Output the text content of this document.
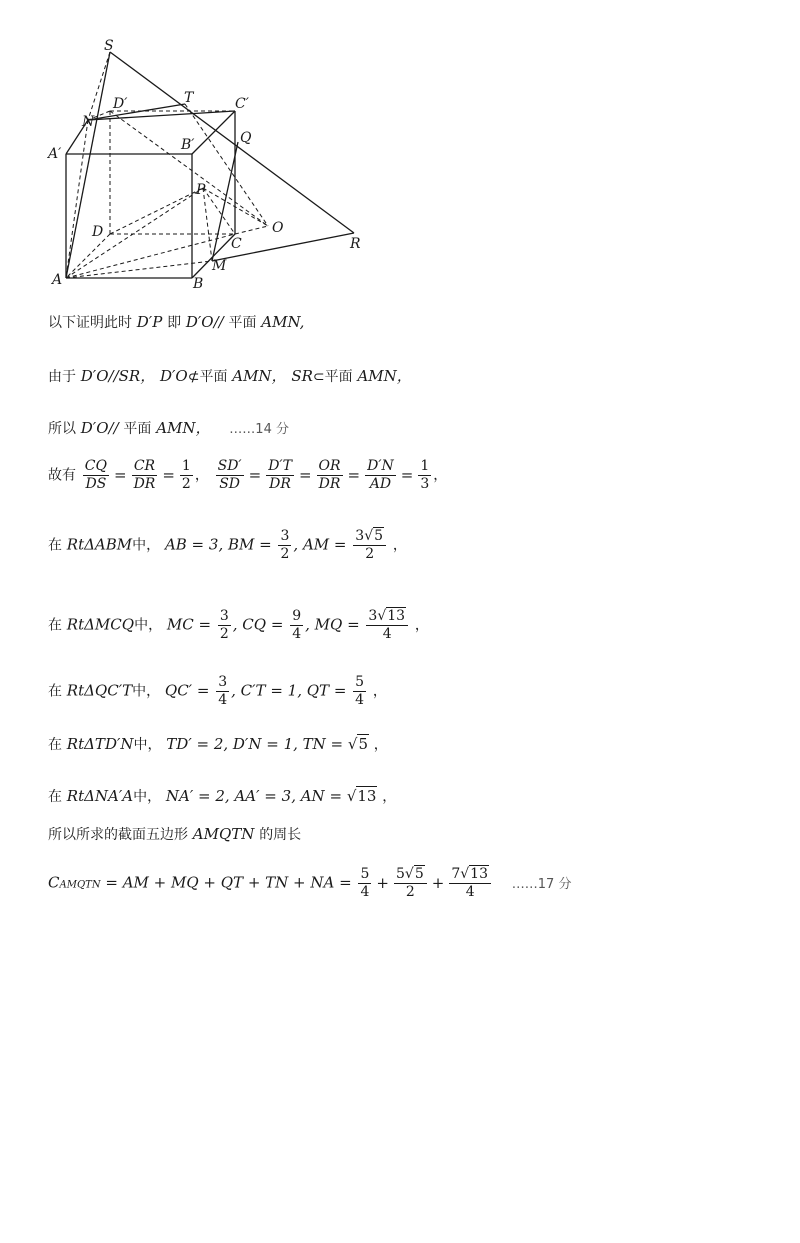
S
D′	T	C′
N
Q
A′
B′
P
D	O
C	R
M
A	B
以下证明此时 D′P 即 D′O// 平面 AMN,
由于 D′O//SR， D′O⊄平面 AMN， SR⊂平面 AMN，
所以 D′O// 平面 AMN， ……14 分
故有 $\frac{CQ}{DS} = \frac{CR}{DR} = \frac{1}{2}$ ， $\frac{SD'}{SD} = \frac{D'T}{DR} = \frac{OR}{DR} = \frac{D'N}{AD} = \frac{1}{3}$ ，
在 RtΔABM中， AB = 3, BM = $\frac{3}{2}$ , AM = $\frac{3√5}{2}$ ，
在 RtΔMCQ中， MC = $\frac{3}{2}$ , CQ = $\frac{9}{4}$ , MQ = $\frac{3√13}{4}$ ，
在 RtΔQC′T中， $QC' = \frac{3}{4}$ , C′T = 1, QT = $\frac{5}{4}$ ，
在 RtΔTD′N中， TD′ = 2, D′N = 1, TN = √5 ，
在 RtΔNA′A中， NA′ = 2, AA′ = 3, AN = √13 ，
所以所求的截面五边形 AMQTN 的周长
CAMQTN = AM + MQ + QT + TN + NA = $\frac{5}{4} + \frac{5√5}{2} + \frac{7√13}{4}$ ……17 分
